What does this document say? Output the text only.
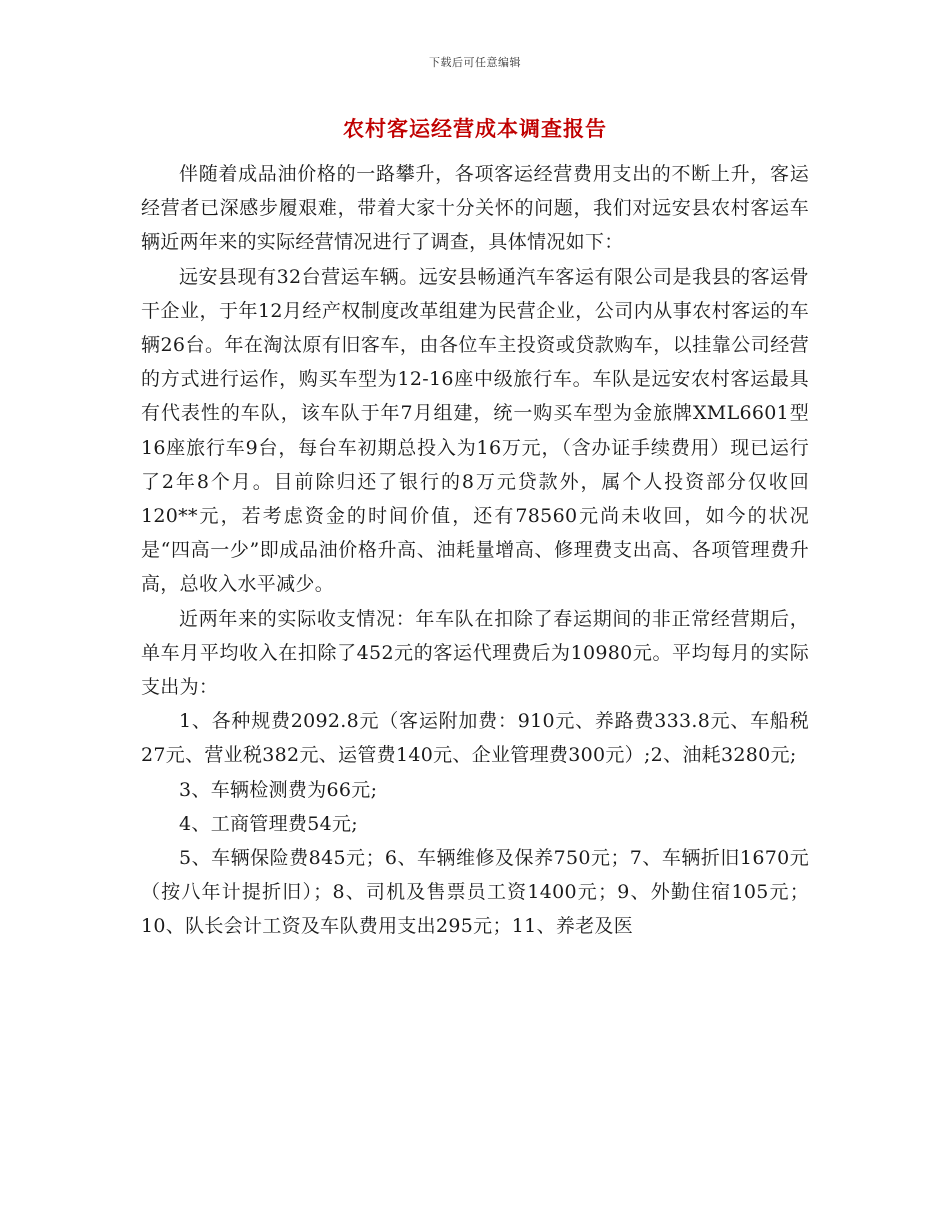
下载后可任意编辑
农村客运经营成本调查报告

伴随着成品油价格的一路攀升，各项客运经营费用支出的不断上升，客运经营者已深感步履艰难，带着大家十分关怀的问题，我们对远安县农村客运车辆近两年来的实际经营情况进行了调查，具体情况如下：

远安县现有32台营运车辆。远安县畅通汽车客运有限公司是我县的客运骨干企业，于年12月经产权制度改革组建为民营企业，公司内从事农村客运的车辆26台。年在淘汰原有旧客车，由各位车主投资或贷款购车，以挂靠公司经营的方式进行运作，购买车型为12-16座中级旅行车。车队是远安农村客运最具有代表性的车队，该车队于年7月组建，统一购买车型为金旅牌XML6601型16座旅行车9台，每台车初期总投入为16万元，（含办证手续费用）现已运行了2年8个月。目前除归还了银行的8万元贷款外，属个人投资部分仅收回120**元，若考虑资金的时间价值，还有78560元尚未收回，如今的状况是“四高一少”即成品油价格升高、油耗量增高、修理费支出高、各项管理费升高，总收入水平减少。

近两年来的实际收支情况：年车队在扣除了春运期间的非正常经营期后，单车月平均收入在扣除了452元的客运代理费后为10980元。平均每月的实际支出为：

1、各种规费2092.8元（客运附加费：910元、养路费333.8元、车船税27元、营业税382元、运管费140元、企业管理费300元）;2、油耗3280元;

3、车辆检测费为66元;

4、工商管理费54元;

5、车辆保险费845元；6、车辆维修及保养750元；7、车辆折旧1670元（按八年计提折旧）；8、司机及售票员工资1400元；9、外勤住宿105元；10、队长会计工资及车队费用支出295元；11、养老及医
